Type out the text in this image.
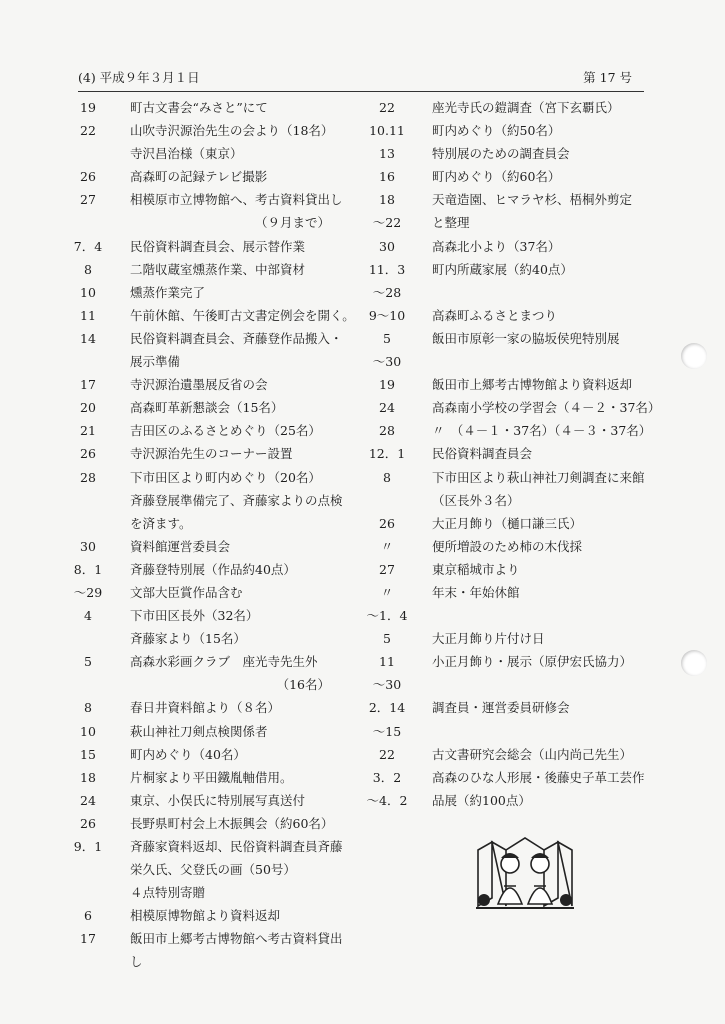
(4) 平成９年３月１日	第 17 号
19	町古文書会“みさと”にて
22	山吹寺沢源治先生の会より（18名）
寺沢昌治様（東京）
26	高森町の記録テレビ撮影
27	相模原市立博物館へ、考古資料貸出し
（９月まで）
7．4	民俗資料調査員会、展示替作業
8	二階収蔵室燻蒸作業、中部資材
10	燻蒸作業完了
11	午前休館、午後町古文書定例会を開く。
14	民俗資料調査員会、斉藤登作品搬入・
展示準備
17	寺沢源治遺墨展反省の会
20	高森町革新懇談会（15名）
21	吉田区のふるさとめぐり（25名）
26	寺沢源治先生のコーナー設置
28	下市田区より町内めぐり（20名）
斉藤登展準備完了、斉藤家よりの点検
を済ます。
30	資料館運営委員会
8．1	斉藤登特別展（作品約40点）
～29	文部大臣賞作品含む
4	下市田区長外（32名）
斉藤家より（15名）
5	高森水彩画クラブ　座光寺先生外
（16名）
8	春日井資料館より（８名）
10	萩山神社刀剣点検関係者
15	町内めぐり（40名）
18	片桐家より平田鐵胤軸借用。
24	東京、小俣氏に特別展写真送付
26	長野県町村会上木振興会（約60名）
9．1	斉藤家資料返却、民俗資料調査員斉藤
栄久氏、父登氏の画（50号）
４点特別寄贈
6	相模原博物館より資料返却
17	飯田市上郷考古博物館へ考古資料貸出
し
22	座光寺氏の鎧調査（宮下玄覇氏）
10.11	町内めぐり（約50名）
13	特別展のための調査員会
16	町内めぐり（約60名）
18	天竜造園、ヒマラヤ杉、梧桐外剪定
～22	と整理
30	高森北小より（37名）
11．3	町内所蔵家展（約40点）
～28
9～10	高森町ふるさとまつり
5	飯田市原彰一家の脇坂侯兜特別展
～30
19	飯田市上郷考古博物館より資料返却
24	高森南小学校の学習会（４－２・37名）
28	〃　（４－１・37名）（４－３・37名）
12．1	民俗資料調査員会
8	下市田区より萩山神社刀剣調査に来館
（区長外３名）
26	大正月飾り（樋口謙三氏）
〃	便所増設のため柿の木伐採
27	東京稲城市より
〃	年末・年始休館
～1．4
5	大正月飾り片付け日
11	小正月飾り・展示（原伊宏氏協力）
～30
2．14	調査員・運営委員研修会
～15
22	古文書研究会総会（山内尚己先生）
3．2	高森のひな人形展・後藤史子革工芸作
～4．2	品展（約100点）
